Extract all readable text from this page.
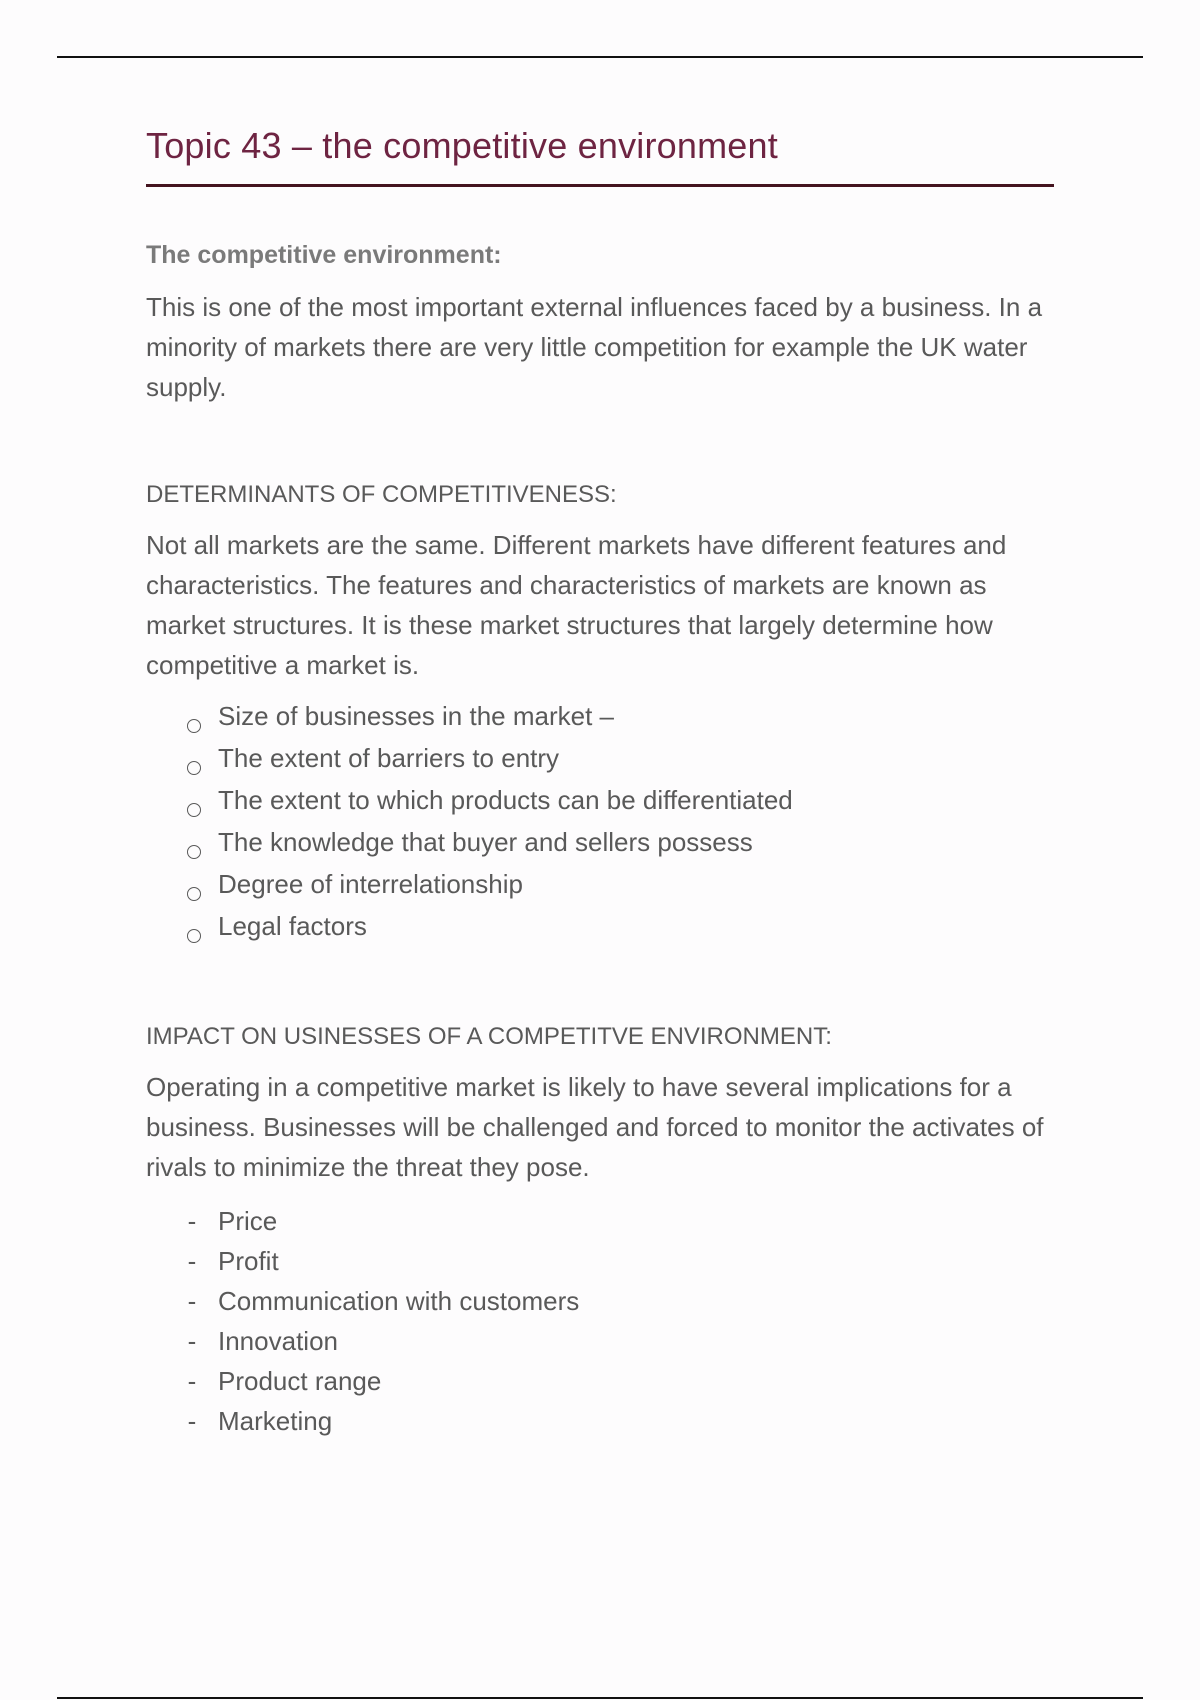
Topic 43 – the competitive environment

The competitive environment:

This is one of the most important external influences faced by a business. In a minority of markets there are very little competition for example the UK water supply.

DETERMINANTS OF COMPETITIVENESS:

Not all markets are the same. Different markets have different features and characteristics. The features and characteristics of markets are known as market structures. It is these market structures that largely determine how competitive a market is.

Size of businesses in the market –
The extent of barriers to entry
The extent to which products can be differentiated
The knowledge that buyer and sellers possess
Degree of interrelationship
Legal factors

IMPACT ON USINESSES OF A COMPETITVE ENVIRONMENT:

Operating in a competitive market is likely to have several implications for a business. Businesses will be challenged and forced to monitor the activates of rivals to minimize the threat they pose.

- Price
- Profit
- Communication with customers
- Innovation
- Product range
- Marketing
